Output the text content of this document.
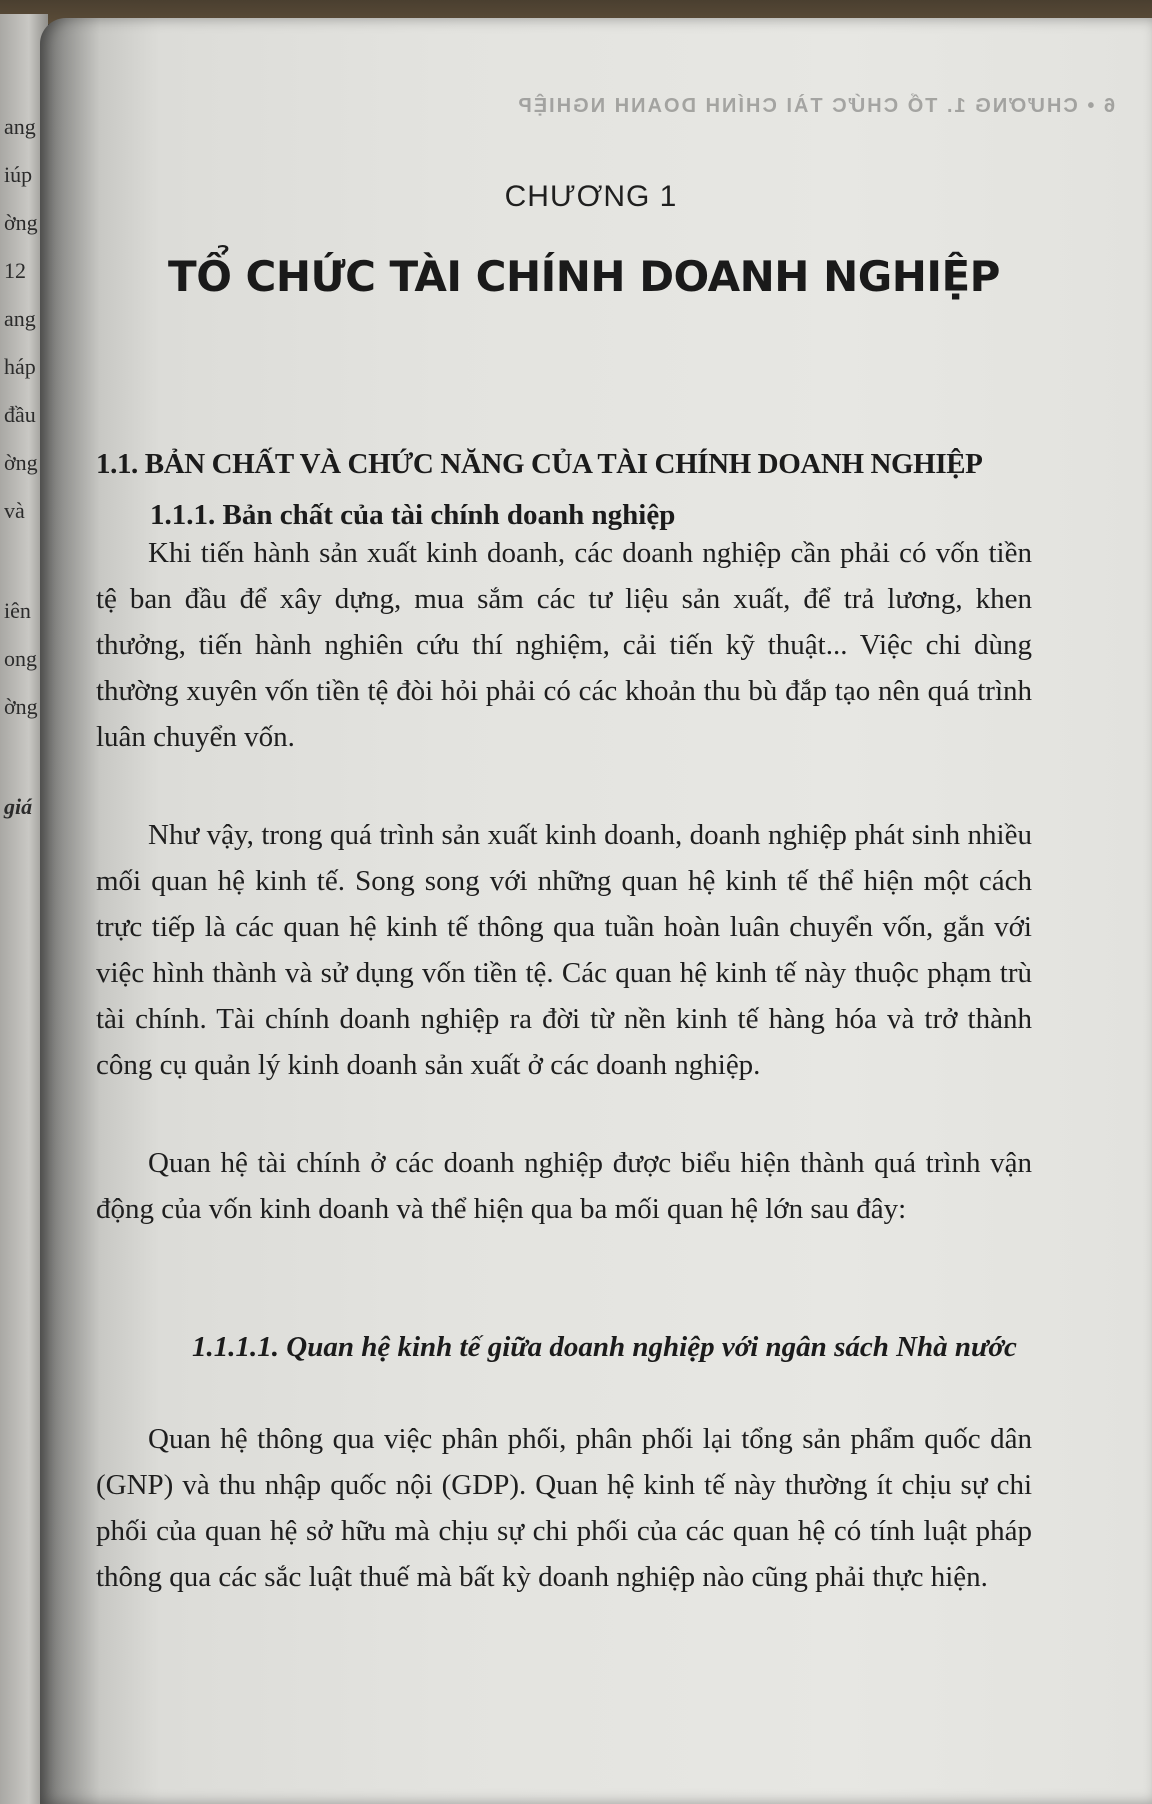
ang
iúp
ờng
12
ang
háp
đầu
ờng
và
iên
ong
ờng
giá
6 • CHƯƠNG 1. TỔ CHỨC TÀI CHÍNH DOANH NGHIỆP
CHƯƠNG 1
TỔ CHỨC TÀI CHÍNH DOANH NGHIỆP
1.1. BẢN CHẤT VÀ CHỨC NĂNG CỦA TÀI CHÍNH DOANH NGHIỆP
1.1.1. Bản chất của tài chính doanh nghiệp

Khi tiến hành sản xuất kinh doanh, các doanh nghiệp cần phải có vốn tiền tệ ban đầu để xây dựng, mua sắm các tư liệu sản xuất, để trả lương, khen thưởng, tiến hành nghiên cứu thí nghiệm, cải tiến kỹ thuật... Việc chi dùng thường xuyên vốn tiền tệ đòi hỏi phải có các khoản thu bù đắp tạo nên quá trình luân chuyển vốn.

Như vậy, trong quá trình sản xuất kinh doanh, doanh nghiệp phát sinh nhiều mối quan hệ kinh tế. Song song với những quan hệ kinh tế thể hiện một cách trực tiếp là các quan hệ kinh tế thông qua tuần hoàn luân chuyển vốn, gắn với việc hình thành và sử dụng vốn tiền tệ. Các quan hệ kinh tế này thuộc phạm trù tài chính. Tài chính doanh nghiệp ra đời từ nền kinh tế hàng hóa và trở thành công cụ quản lý kinh doanh sản xuất ở các doanh nghiệp.

Quan hệ tài chính ở các doanh nghiệp được biểu hiện thành quá trình vận động của vốn kinh doanh và thể hiện qua ba mối quan hệ lớn sau đây:

1.1.1.1. Quan hệ kinh tế giữa doanh nghiệp với ngân sách Nhà nước

Quan hệ thông qua việc phân phối, phân phối lại tổng sản phẩm quốc dân (GNP) và thu nhập quốc nội (GDP). Quan hệ kinh tế này thường ít chịu sự chi phối của quan hệ sở hữu mà chịu sự chi phối của các quan hệ có tính luật pháp thông qua các sắc luật thuế mà bất kỳ doanh nghiệp nào cũng phải thực hiện.
